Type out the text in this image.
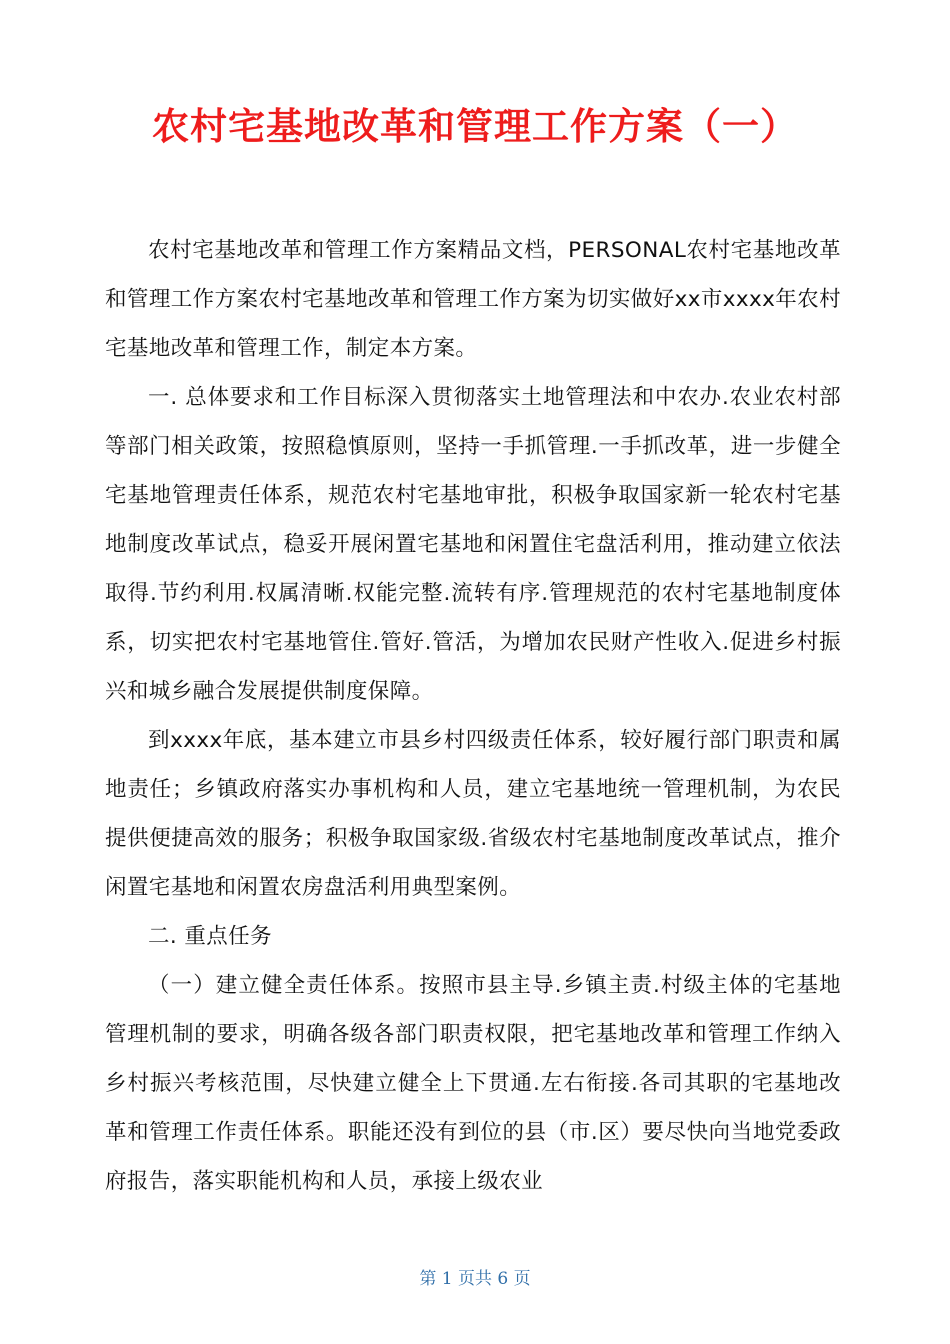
农村宅基地改革和管理工作方案（一）

农村宅基地改革和管理工作方案精品文档，PERSONAL农村宅基地改革和管理工作方案农村宅基地改革和管理工作方案为切实做好xx市xxxx年农村宅基地改革和管理工作，制定本方案。

一. 总体要求和工作目标深入贯彻落实土地管理法和中农办.农业农村部等部门相关政策，按照稳慎原则，坚持一手抓管理.一手抓改革，进一步健全宅基地管理责任体系，规范农村宅基地审批，积极争取国家新一轮农村宅基地制度改革试点，稳妥开展闲置宅基地和闲置住宅盘活利用，推动建立依法取得.节约利用.权属清晰.权能完整.流转有序.管理规范的农村宅基地制度体系，切实把农村宅基地管住.管好.管活，为增加农民财产性收入.促进乡村振兴和城乡融合发展提供制度保障。

到xxxx年底，基本建立市县乡村四级责任体系，较好履行部门职责和属地责任；乡镇政府落实办事机构和人员，建立宅基地统一管理机制，为农民提供便捷高效的服务；积极争取国家级.省级农村宅基地制度改革试点，推介闲置宅基地和闲置农房盘活利用典型案例。

二. 重点任务

（一）建立健全责任体系。按照市县主导.乡镇主责.村级主体的宅基地管理机制的要求，明确各级各部门职责权限，把宅基地改革和管理工作纳入乡村振兴考核范围，尽快建立健全上下贯通.左右衔接.各司其职的宅基地改革和管理工作责任体系。职能还没有到位的县（市.区）要尽快向当地党委政府报告，落实职能机构和人员，承接上级农业

第 1 页共 6 页
